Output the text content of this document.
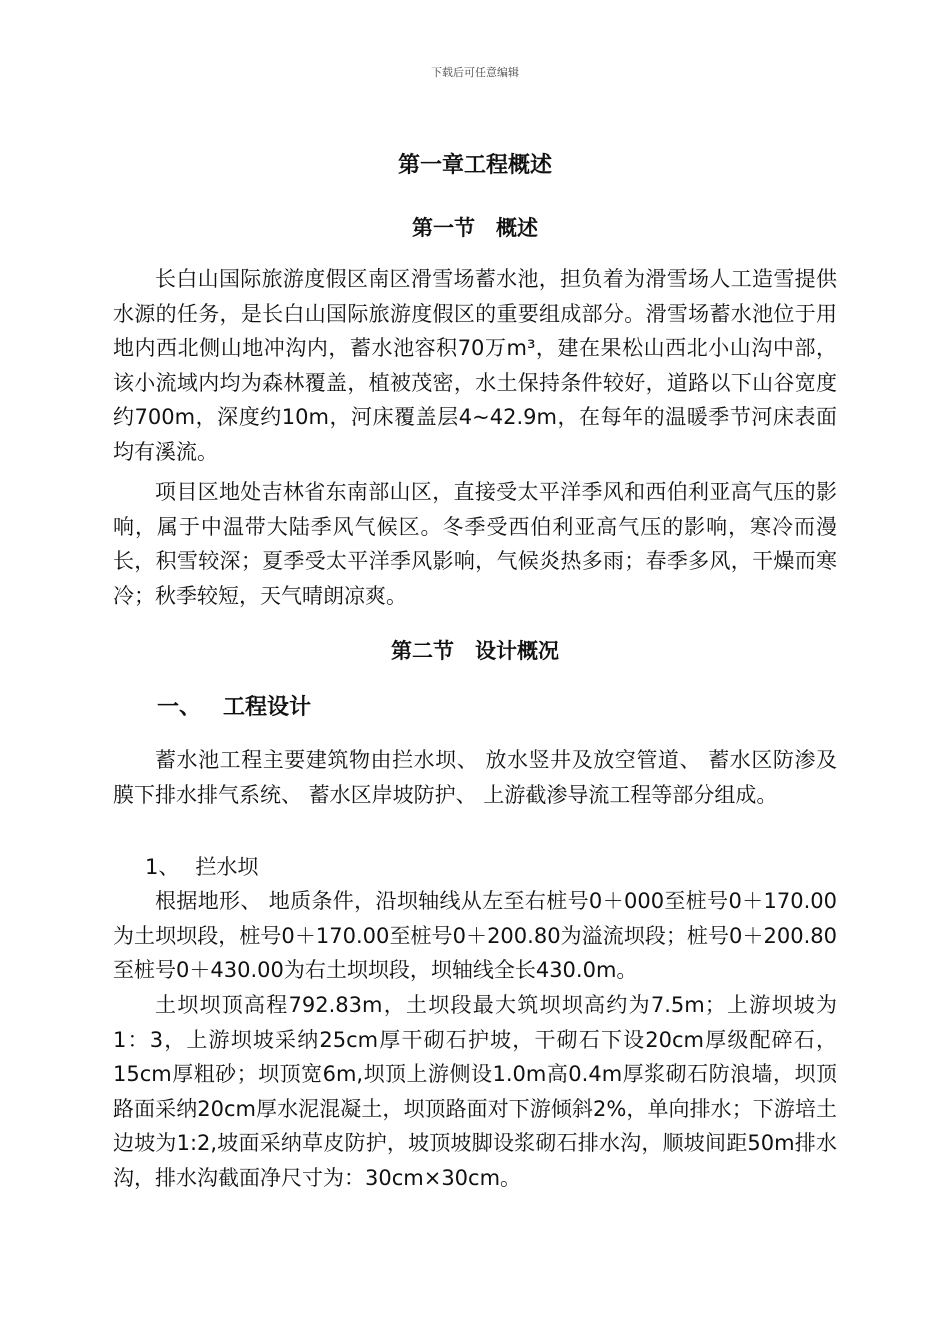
下载后可任意编辑
第一章工程概述
第一节　概述

长白山国际旅游度假区南区滑雪场蓄水池，担负着为滑雪场人工造雪提供水源的任务，是长白山国际旅游度假区的重要组成部分。滑雪场蓄水池位于用地内西北侧山地冲沟内，蓄水池容积70万m³，建在果松山西北小山沟中部，该小流域内均为森林覆盖，植被茂密，水土保持条件较好，道路以下山谷宽度约700m，深度约10m，河床覆盖层4~42.9m，在每年的温暖季节河床表面均有溪流。

项目区地处吉林省东南部山区，直接受太平洋季风和西伯利亚高气压的影响，属于中温带大陆季风气候区。冬季受西伯利亚高气压的影响，寒冷而漫长，积雪较深；夏季受太平洋季风影响，气候炎热多雨；春季多风，干燥而寒冷；秋季较短，天气晴朗凉爽。

第二节　设计概况
一、 工程设计

蓄水池工程主要建筑物由拦水坝、 放水竖井及放空管道、 蓄水区防渗及膜下排水排气系统、 蓄水区岸坡防护、 上游截渗导流工程等部分组成。

1、 拦水坝

根据地形、 地质条件，沿坝轴线从左至右桩号0＋000至桩号0＋170.00为土坝坝段，桩号0＋170.00至桩号0＋200.80为溢流坝段；桩号0＋200.80至桩号0＋430.00为右土坝坝段，坝轴线全长430.0m。

土坝坝顶高程792.83m，土坝段最大筑坝坝高约为7.5m；上游坝坡为1：3，上游坝坡采纳25cm厚干砌石护坡，干砌石下设20cm厚级配碎石，15cm厚粗砂；坝顶宽6m,坝顶上游侧设1.0m高0.4m厚浆砌石防浪墙，坝顶路面采纳20cm厚水泥混凝土，坝顶路面对下游倾斜2%，单向排水；下游培土边坡为1:2,坡面采纳草皮防护，坡顶坡脚设浆砌石排水沟，顺坡间距50m排水沟，排水沟截面净尺寸为：30cm×30cm。
